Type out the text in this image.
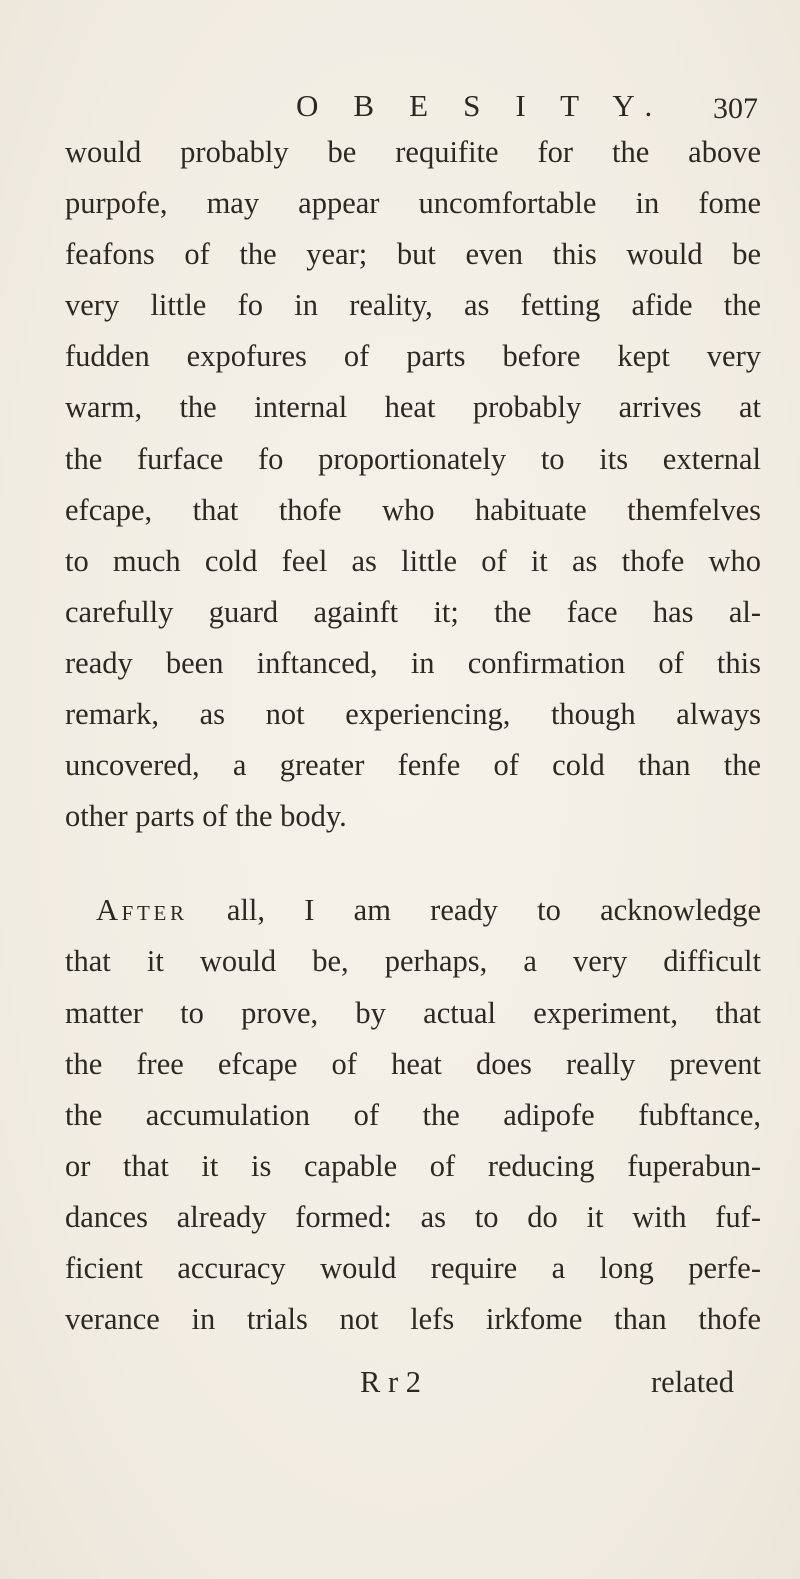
O B E S I T Y. 307
would probably be requifite for the above
purpofe, may appear uncomfortable in fome
feafons of the year; but even this would be
very little fo in reality, as fetting afide the
fudden expofures of parts before kept very
warm, the internal heat probably arrives at
the furface fo proportionately to its external
efcape, that thofe who habituate themfelves
to much cold feel as little of it as thofe who
carefully guard againft it; the face has al-
ready been inftanced, in confirmation of this
remark, as not experiencing, though always
uncovered, a greater fenfe of cold than the
other parts of the body.
After all, I am ready to acknowledge
that it would be, perhaps, a very difficult
matter to prove, by actual experiment, that
the free efcape of heat does really prevent
the accumulation of the adipofe fubftance,
or that it is capable of reducing fuperabun-
dances already formed: as to do it with fuf-
ficient accuracy would require a long perfe-
verance in trials not lefs irkfome than thofe
R r 2	related
